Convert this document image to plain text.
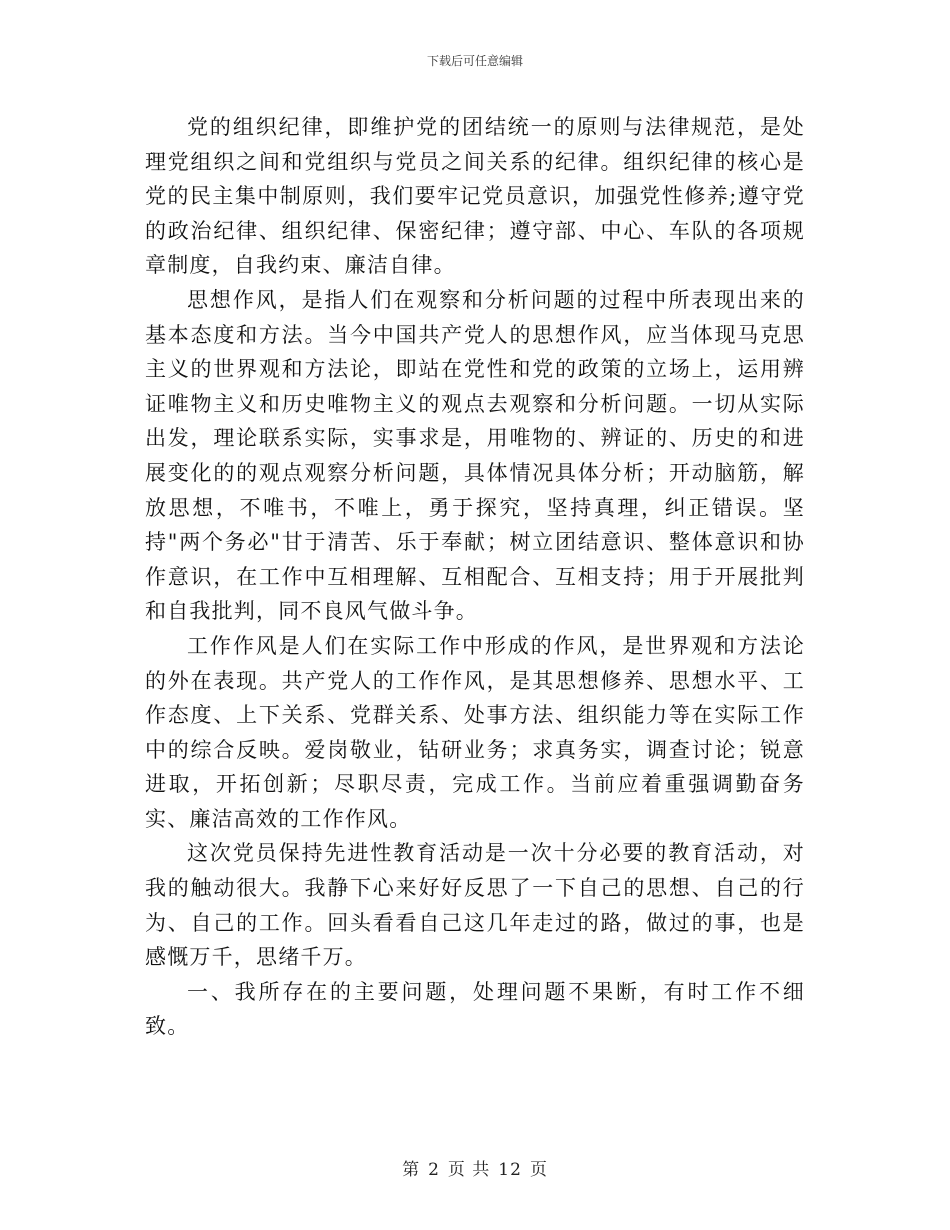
下载后可任意编辑

党的组织纪律，即维护党的团结统一的原则与法律规范，是处理党组织之间和党组织与党员之间关系的纪律。组织纪律的核心是党的民主集中制原则，我们要牢记党员意识，加强党性修养;遵守党的政治纪律、组织纪律、保密纪律；遵守部、中心、车队的各项规章制度，自我约束、廉洁自律。

思想作风，是指人们在观察和分析问题的过程中所表现出来的基本态度和方法。当今中国共产党人的思想作风，应当体现马克思主义的世界观和方法论，即站在党性和党的政策的立场上，运用辨证唯物主义和历史唯物主义的观点去观察和分析问题。一切从实际出发，理论联系实际，实事求是，用唯物的、辨证的、历史的和进展变化的的观点观察分析问题，具体情况具体分析；开动脑筋，解放思想，不唯书，不唯上，勇于探究，坚持真理，纠正错误。坚持"两个务必"甘于清苦、乐于奉献；树立团结意识、整体意识和协作意识，在工作中互相理解、互相配合、互相支持；用于开展批判和自我批判，同不良风气做斗争。

工作作风是人们在实际工作中形成的作风，是世界观和方法论的外在表现。共产党人的工作作风，是其思想修养、思想水平、工作态度、上下关系、党群关系、处事方法、组织能力等在实际工作中的综合反映。爱岗敬业，钻研业务；求真务实，调查讨论；锐意进取，开拓创新；尽职尽责，完成工作。当前应着重强调勤奋务实、廉洁高效的工作作风。

这次党员保持先进性教育活动是一次十分必要的教育活动，对我的触动很大。我静下心来好好反思了一下自己的思想、自己的行为、自己的工作。回头看看自己这几年走过的路，做过的事，也是感慨万千，思绪千万。

一、我所存在的主要问题，处理问题不果断，有时工作不细致。

第 2 页 共 12 页
